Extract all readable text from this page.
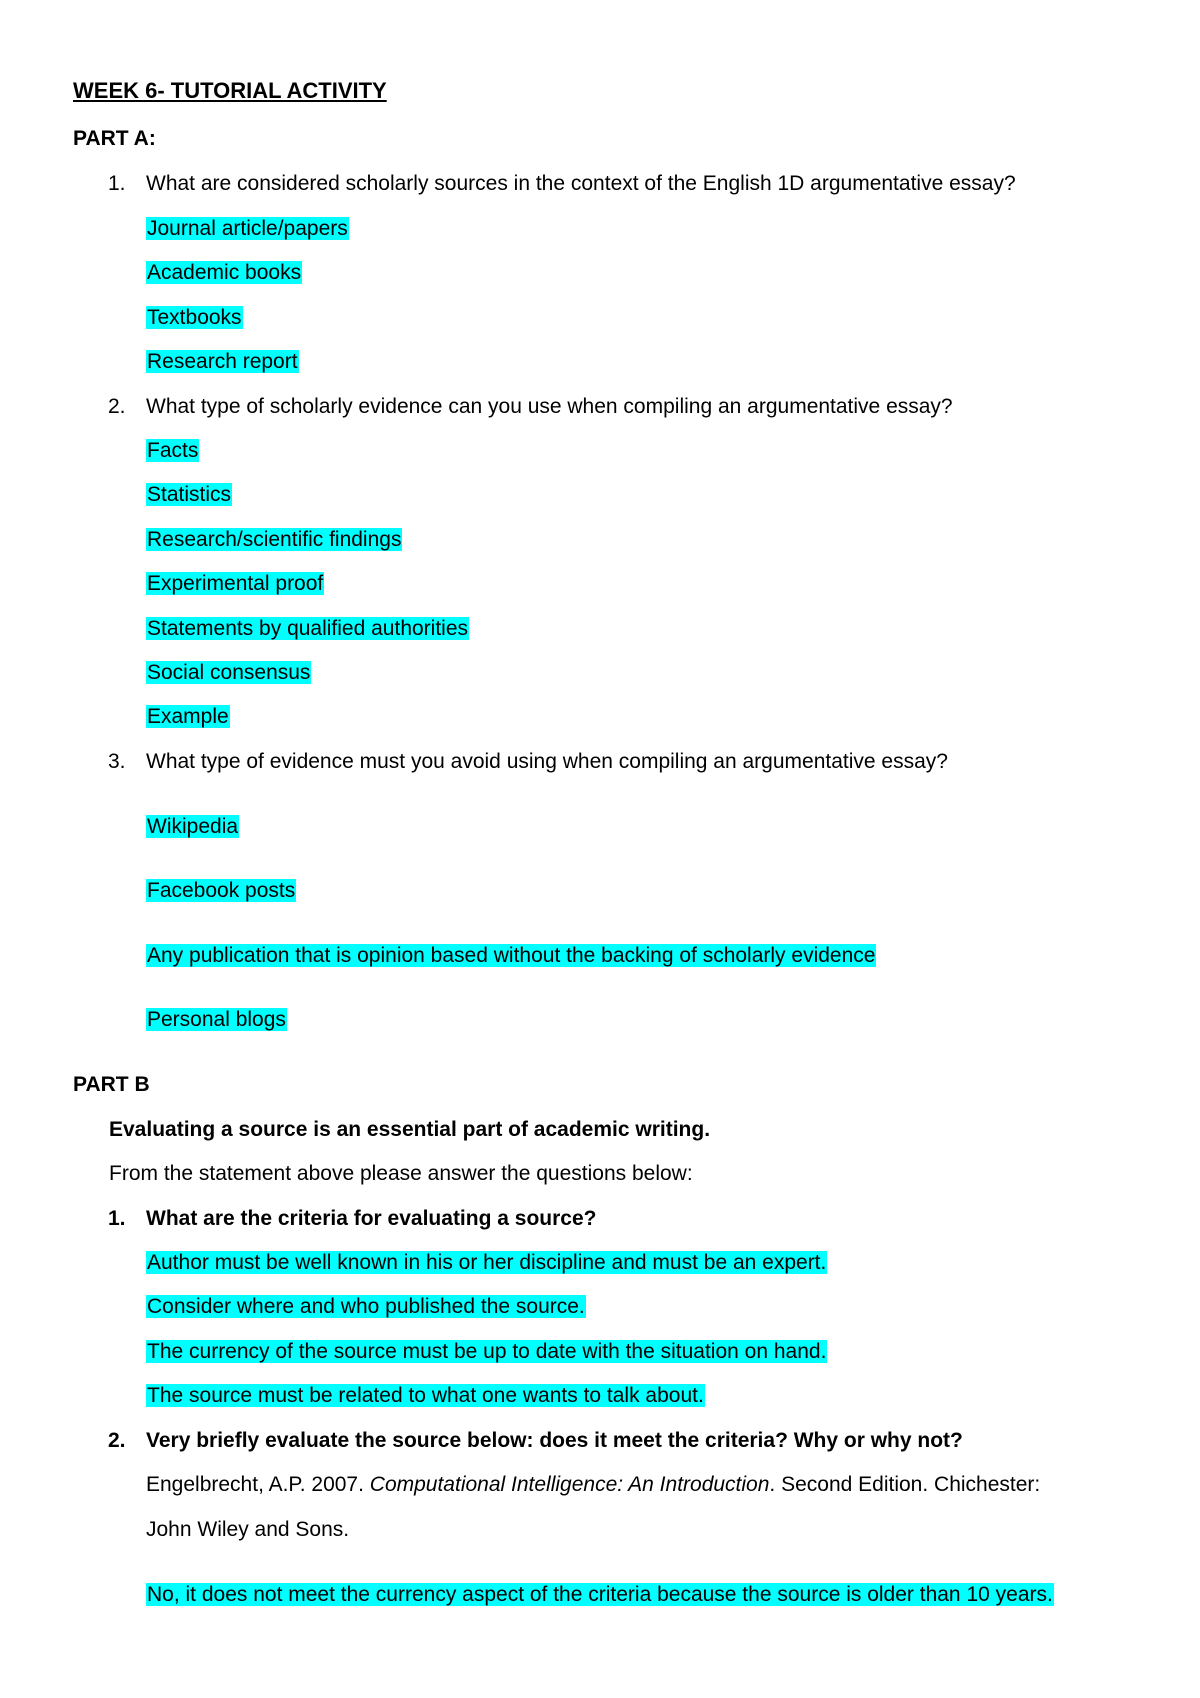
WEEK 6- TUTORIAL ACTIVITY
PART A:
1. What are considered scholarly sources in the context of the English 1D argumentative essay?
Journal article/papers
Academic books
Textbooks
Research report
2. What type of scholarly evidence can you use when compiling an argumentative essay?
Facts
Statistics
Research/scientific findings
Experimental proof
Statements by qualified authorities
Social consensus
Example
3. What type of evidence must you avoid using when compiling an argumentative essay?
Wikipedia
Facebook posts
Any publication that is opinion based without the backing of scholarly evidence
Personal blogs
PART B
Evaluating a source is an essential part of academic writing.
From the statement above please answer the questions below:
1. What are the criteria for evaluating a source?
Author must be well known in his or her discipline and must be an expert.
Consider where and who published the source.
The currency of the source must be up to date with the situation on hand.
The source must be related to what one wants to talk about.
2. Very briefly evaluate the source below: does it meet the criteria? Why or why not?
Engelbrecht, A.P. 2007. Computational Intelligence: An Introduction. Second Edition. Chichester:
John Wiley and Sons.
No, it does not meet the currency aspect of the criteria because the source is older than 10 years.
